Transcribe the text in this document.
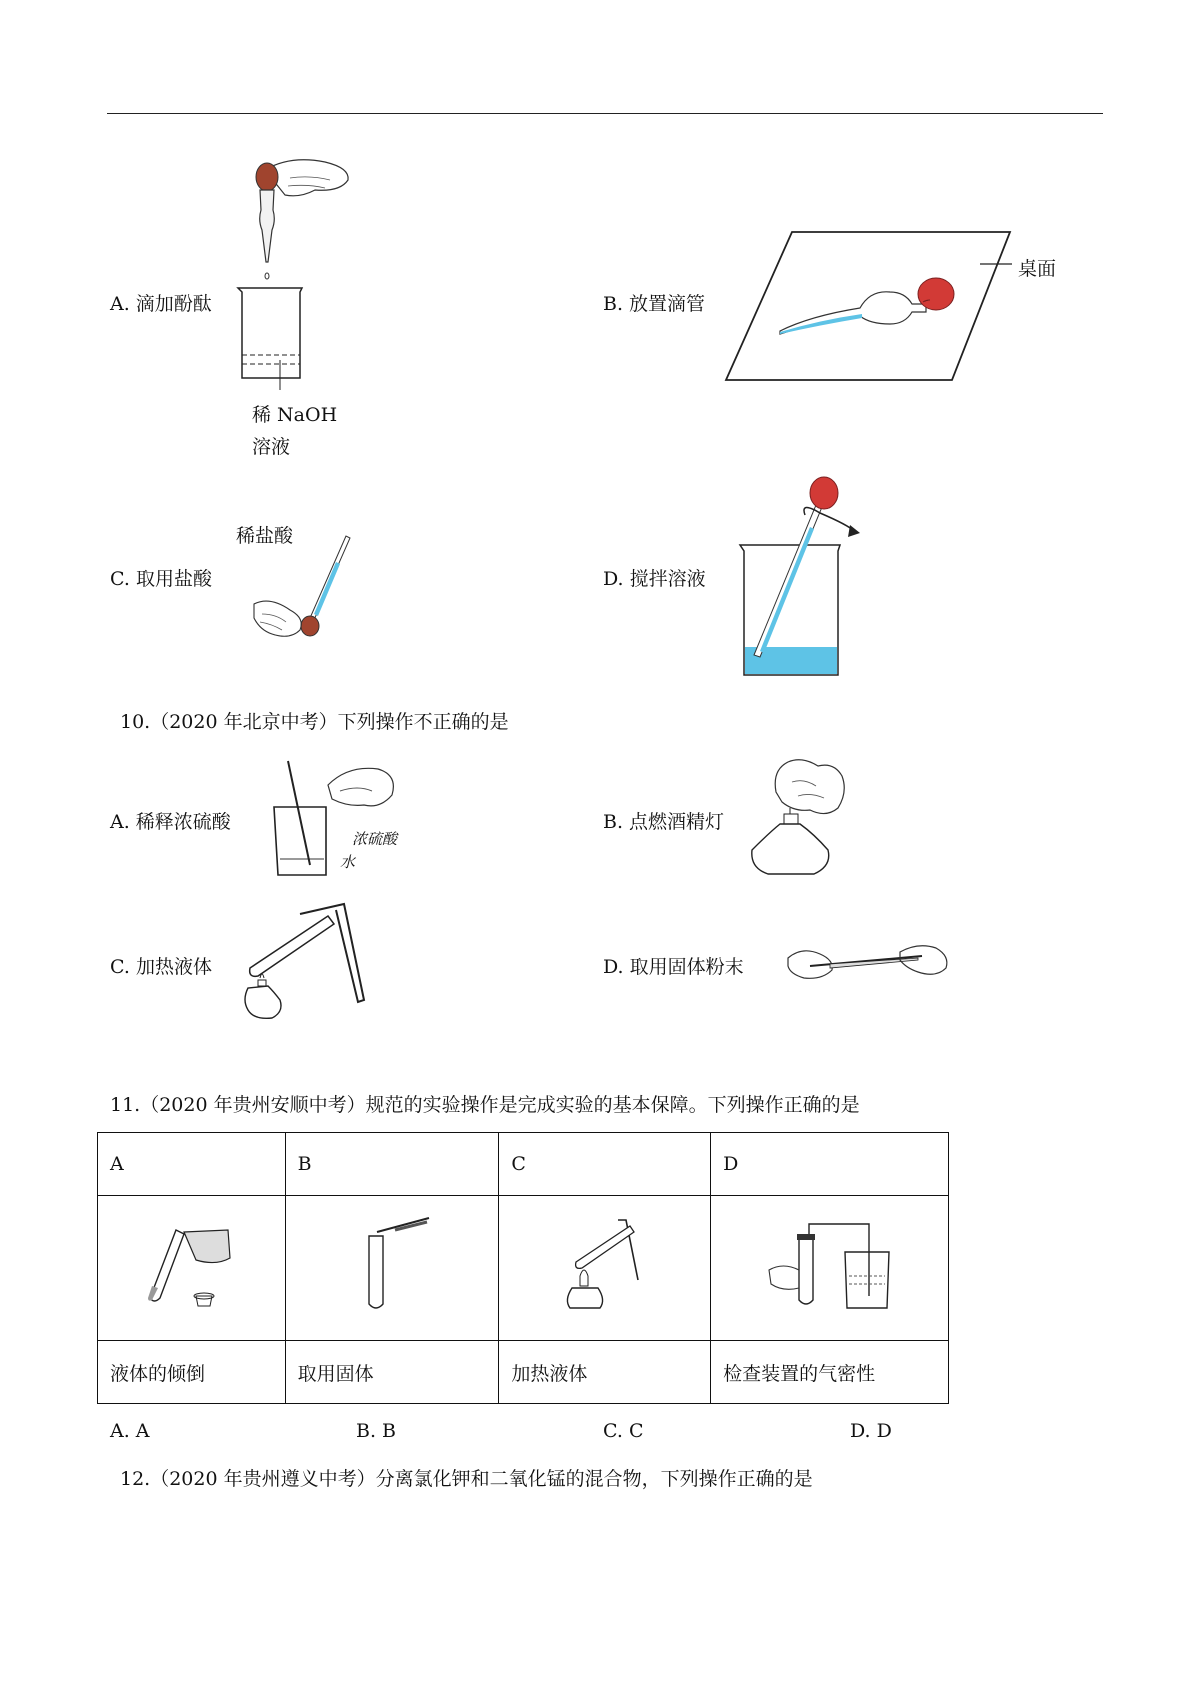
A. 滴加酚酞
稀 NaOH
溶液
B. 放置滴管
桌面
稀盐酸
C. 取用盐酸	D. 搅拌溶液
10.（2020 年北京中考）下列操作不正确的是
A. 稀释浓硫酸
浓硫酸
水
B. 点燃酒精灯
C. 加热液体	D. 取用固体粉末
11.（2020 年贵州安顺中考）规范的实验操作是完成实验的基本保障。下列操作正确的是
A	B	C	D

液体的倾倒	取用固体	加热液体	检查装置的气密性
A. A	B. B	C. C	D. D
12.（2020 年贵州遵义中考）分离氯化钾和二氧化锰的混合物，下列操作正确的是
